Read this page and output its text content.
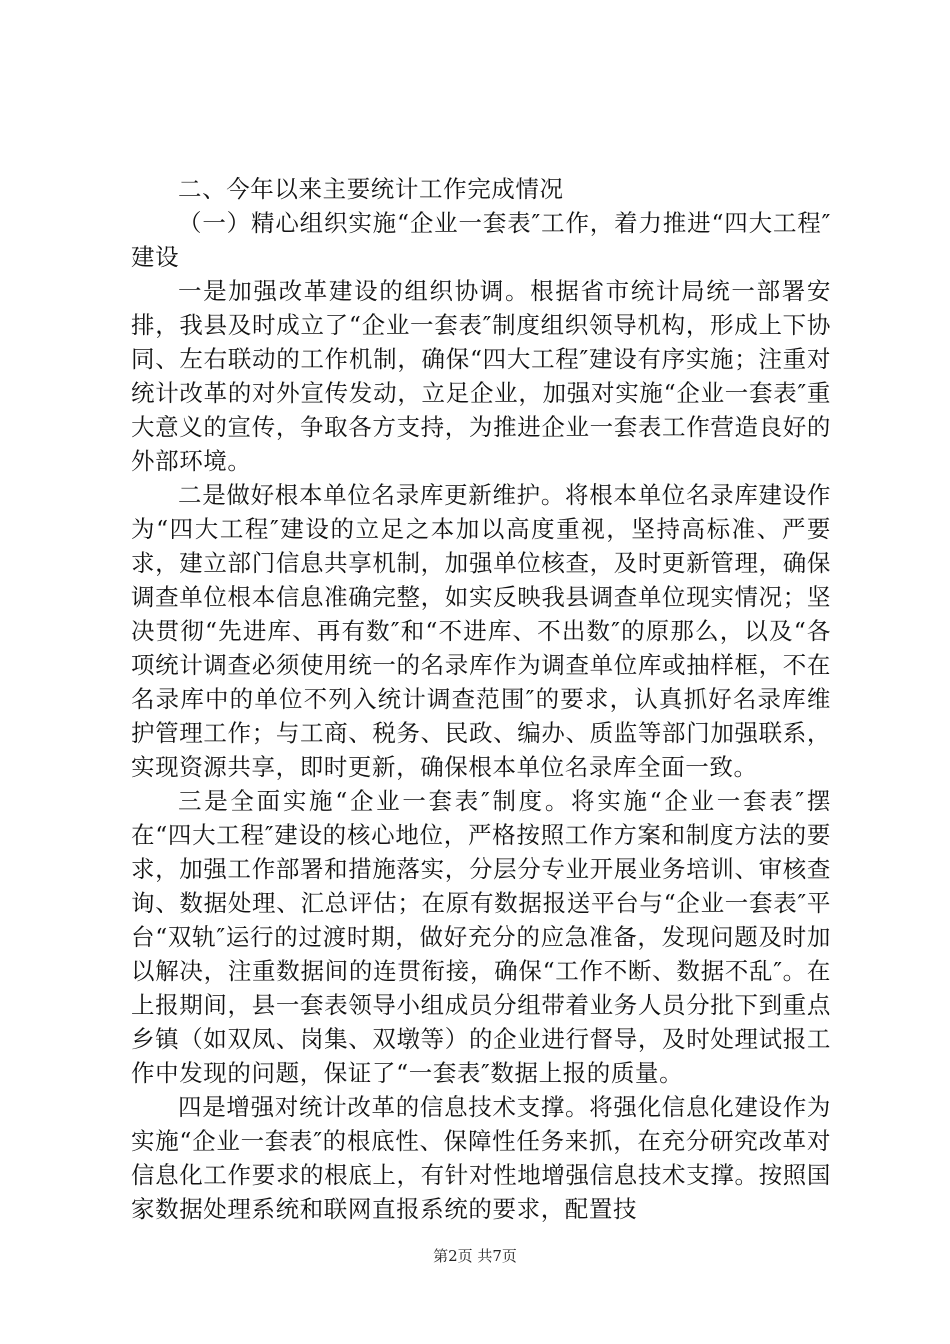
二、今年以来主要统计工作完成情况

（一）精心组织实施“企业一套表″工作，着力推进“四大工程″建设

一是加强改革建设的组织协调。根据省市统计局统一部署安排，我县及时成立了“企业一套表″制度组织领导机构，形成上下协同、左右联动的工作机制，确保“四大工程″建设有序实施；注重对统计改革的对外宣传发动，立足企业，加强对实施“企业一套表″重大意义的宣传，争取各方支持，为推进企业一套表工作营造良好的外部环境。

二是做好根本单位名录库更新维护。将根本单位名录库建设作为“四大工程″建设的立足之本加以高度重视，坚持高标准、严要求，建立部门信息共享机制，加强单位核查，及时更新管理，确保调查单位根本信息准确完整，如实反映我县调查单位现实情况；坚决贯彻“先进库、再有数″和“不进库、不出数″的原那么，以及“各项统计调查必须使用统一的名录库作为调查单位库或抽样框，不在名录库中的单位不列入统计调查范围″的要求，认真抓好名录库维护管理工作；与工商、税务、民政、编办、质监等部门加强联系，实现资源共享，即时更新，确保根本单位名录库全面一致。

三是全面实施“企业一套表″制度。将实施“企业一套表″摆在“四大工程″建设的核心地位，严格按照工作方案和制度方法的要求，加强工作部署和措施落实，分层分专业开展业务培训、审核查询、数据处理、汇总评估；在原有数据报送平台与“企业一套表″平台“双轨″运行的过渡时期，做好充分的应急准备，发现问题及时加以解决，注重数据间的连贯衔接，确保“工作不断、数据不乱″。在上报期间，县一套表领导小组成员分组带着业务人员分批下到重点乡镇（如双凤、岗集、双墩等）的企业进行督导，及时处理试报工作中发现的问题，保证了“一套表″数据上报的质量。

四是增强对统计改革的信息技术支撑。将强化信息化建设作为实施“企业一套表″的根底性、保障性任务来抓，在充分研究改革对信息化工作要求的根底上，有针对性地增强信息技术支撑。按照国家数据处理系统和联网直报系统的要求，配置技

第2页 共7页
